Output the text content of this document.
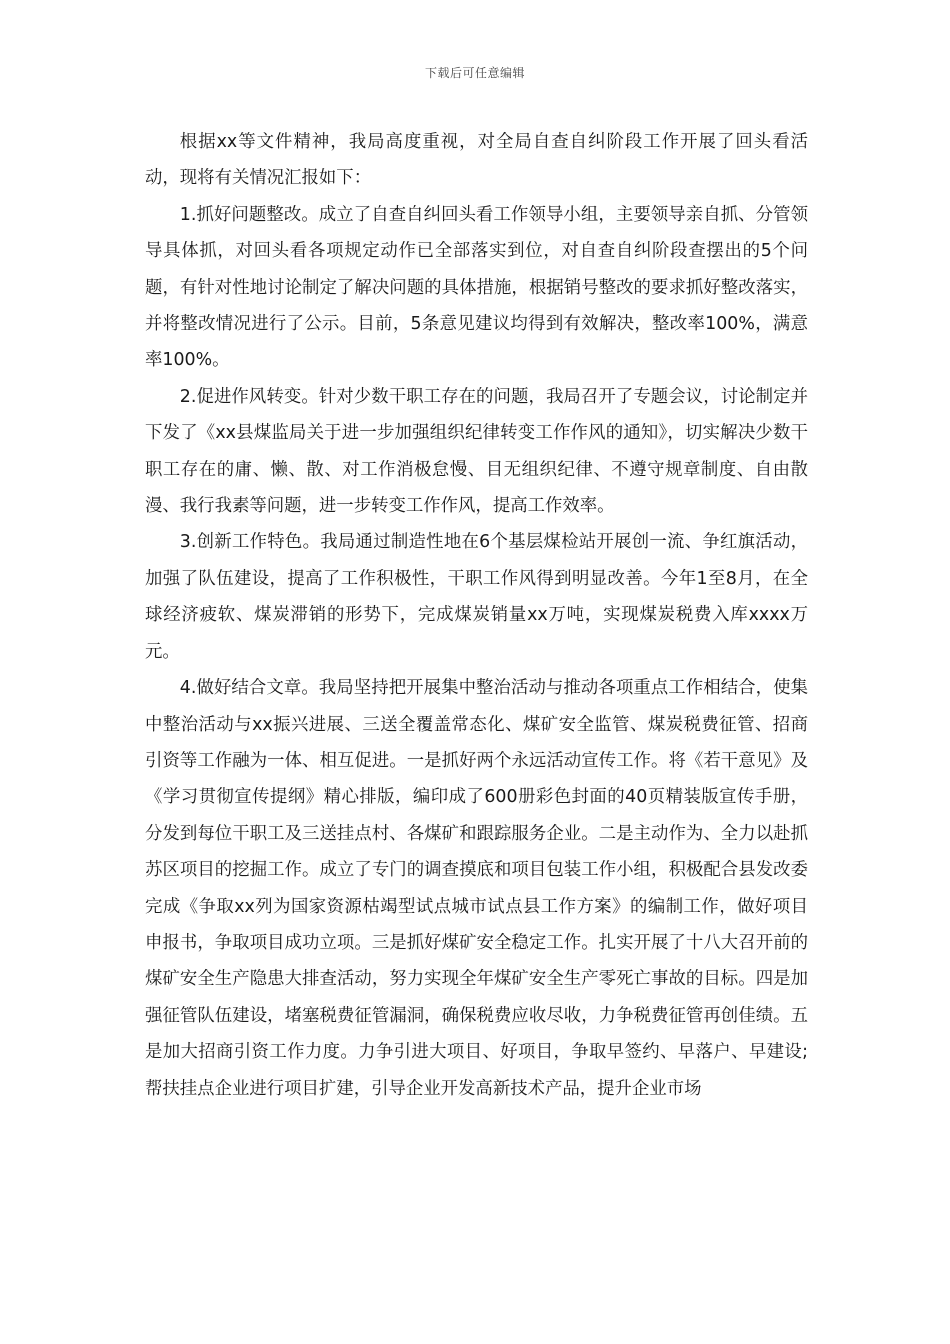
下载后可任意编辑

根据xx等文件精神，我局高度重视，对全局自查自纠阶段工作开展了回头看活动，现将有关情况汇报如下：

1.抓好问题整改。成立了自查自纠回头看工作领导小组，主要领导亲自抓、分管领导具体抓，对回头看各项规定动作已全部落实到位，对自查自纠阶段查摆出的5个问题，有针对性地讨论制定了解决问题的具体措施，根据销号整改的要求抓好整改落实，并将整改情况进行了公示。目前，5条意见建议均得到有效解决，整改率100%，满意率100%。

2.促进作风转变。针对少数干职工存在的问题，我局召开了专题会议，讨论制定并下发了《xx县煤监局关于进一步加强组织纪律转变工作作风的通知》，切实解决少数干职工存在的庸、懒、散、对工作消极怠慢、目无组织纪律、不遵守规章制度、自由散漫、我行我素等问题，进一步转变工作作风，提高工作效率。

3.创新工作特色。我局通过制造性地在6个基层煤检站开展创一流、争红旗活动，加强了队伍建设，提高了工作积极性，干职工作风得到明显改善。今年1至8月，在全球经济疲软、煤炭滞销的形势下，完成煤炭销量xx万吨，实现煤炭税费入库xxxx万元。

4.做好结合文章。我局坚持把开展集中整治活动与推动各项重点工作相结合，使集中整治活动与xx振兴进展、三送全覆盖常态化、煤矿安全监管、煤炭税费征管、招商引资等工作融为一体、相互促进。一是抓好两个永远活动宣传工作。将《若干意见》及《学习贯彻宣传提纲》精心排版，编印成了600册彩色封面的40页精装版宣传手册，分发到每位干职工及三送挂点村、各煤矿和跟踪服务企业。二是主动作为、全力以赴抓苏区项目的挖掘工作。成立了专门的调查摸底和项目包装工作小组，积极配合县发改委完成《争取xx列为国家资源枯竭型试点城市试点县工作方案》的编制工作，做好项目申报书，争取项目成功立项。三是抓好煤矿安全稳定工作。扎实开展了十八大召开前的煤矿安全生产隐患大排查活动，努力实现全年煤矿安全生产零死亡事故的目标。四是加强征管队伍建设，堵塞税费征管漏洞，确保税费应收尽收，力争税费征管再创佳绩。五是加大招商引资工作力度。力争引进大项目、好项目，争取早签约、早落户、早建设;帮扶挂点企业进行项目扩建，引导企业开发高新技术产品，提升企业市场
